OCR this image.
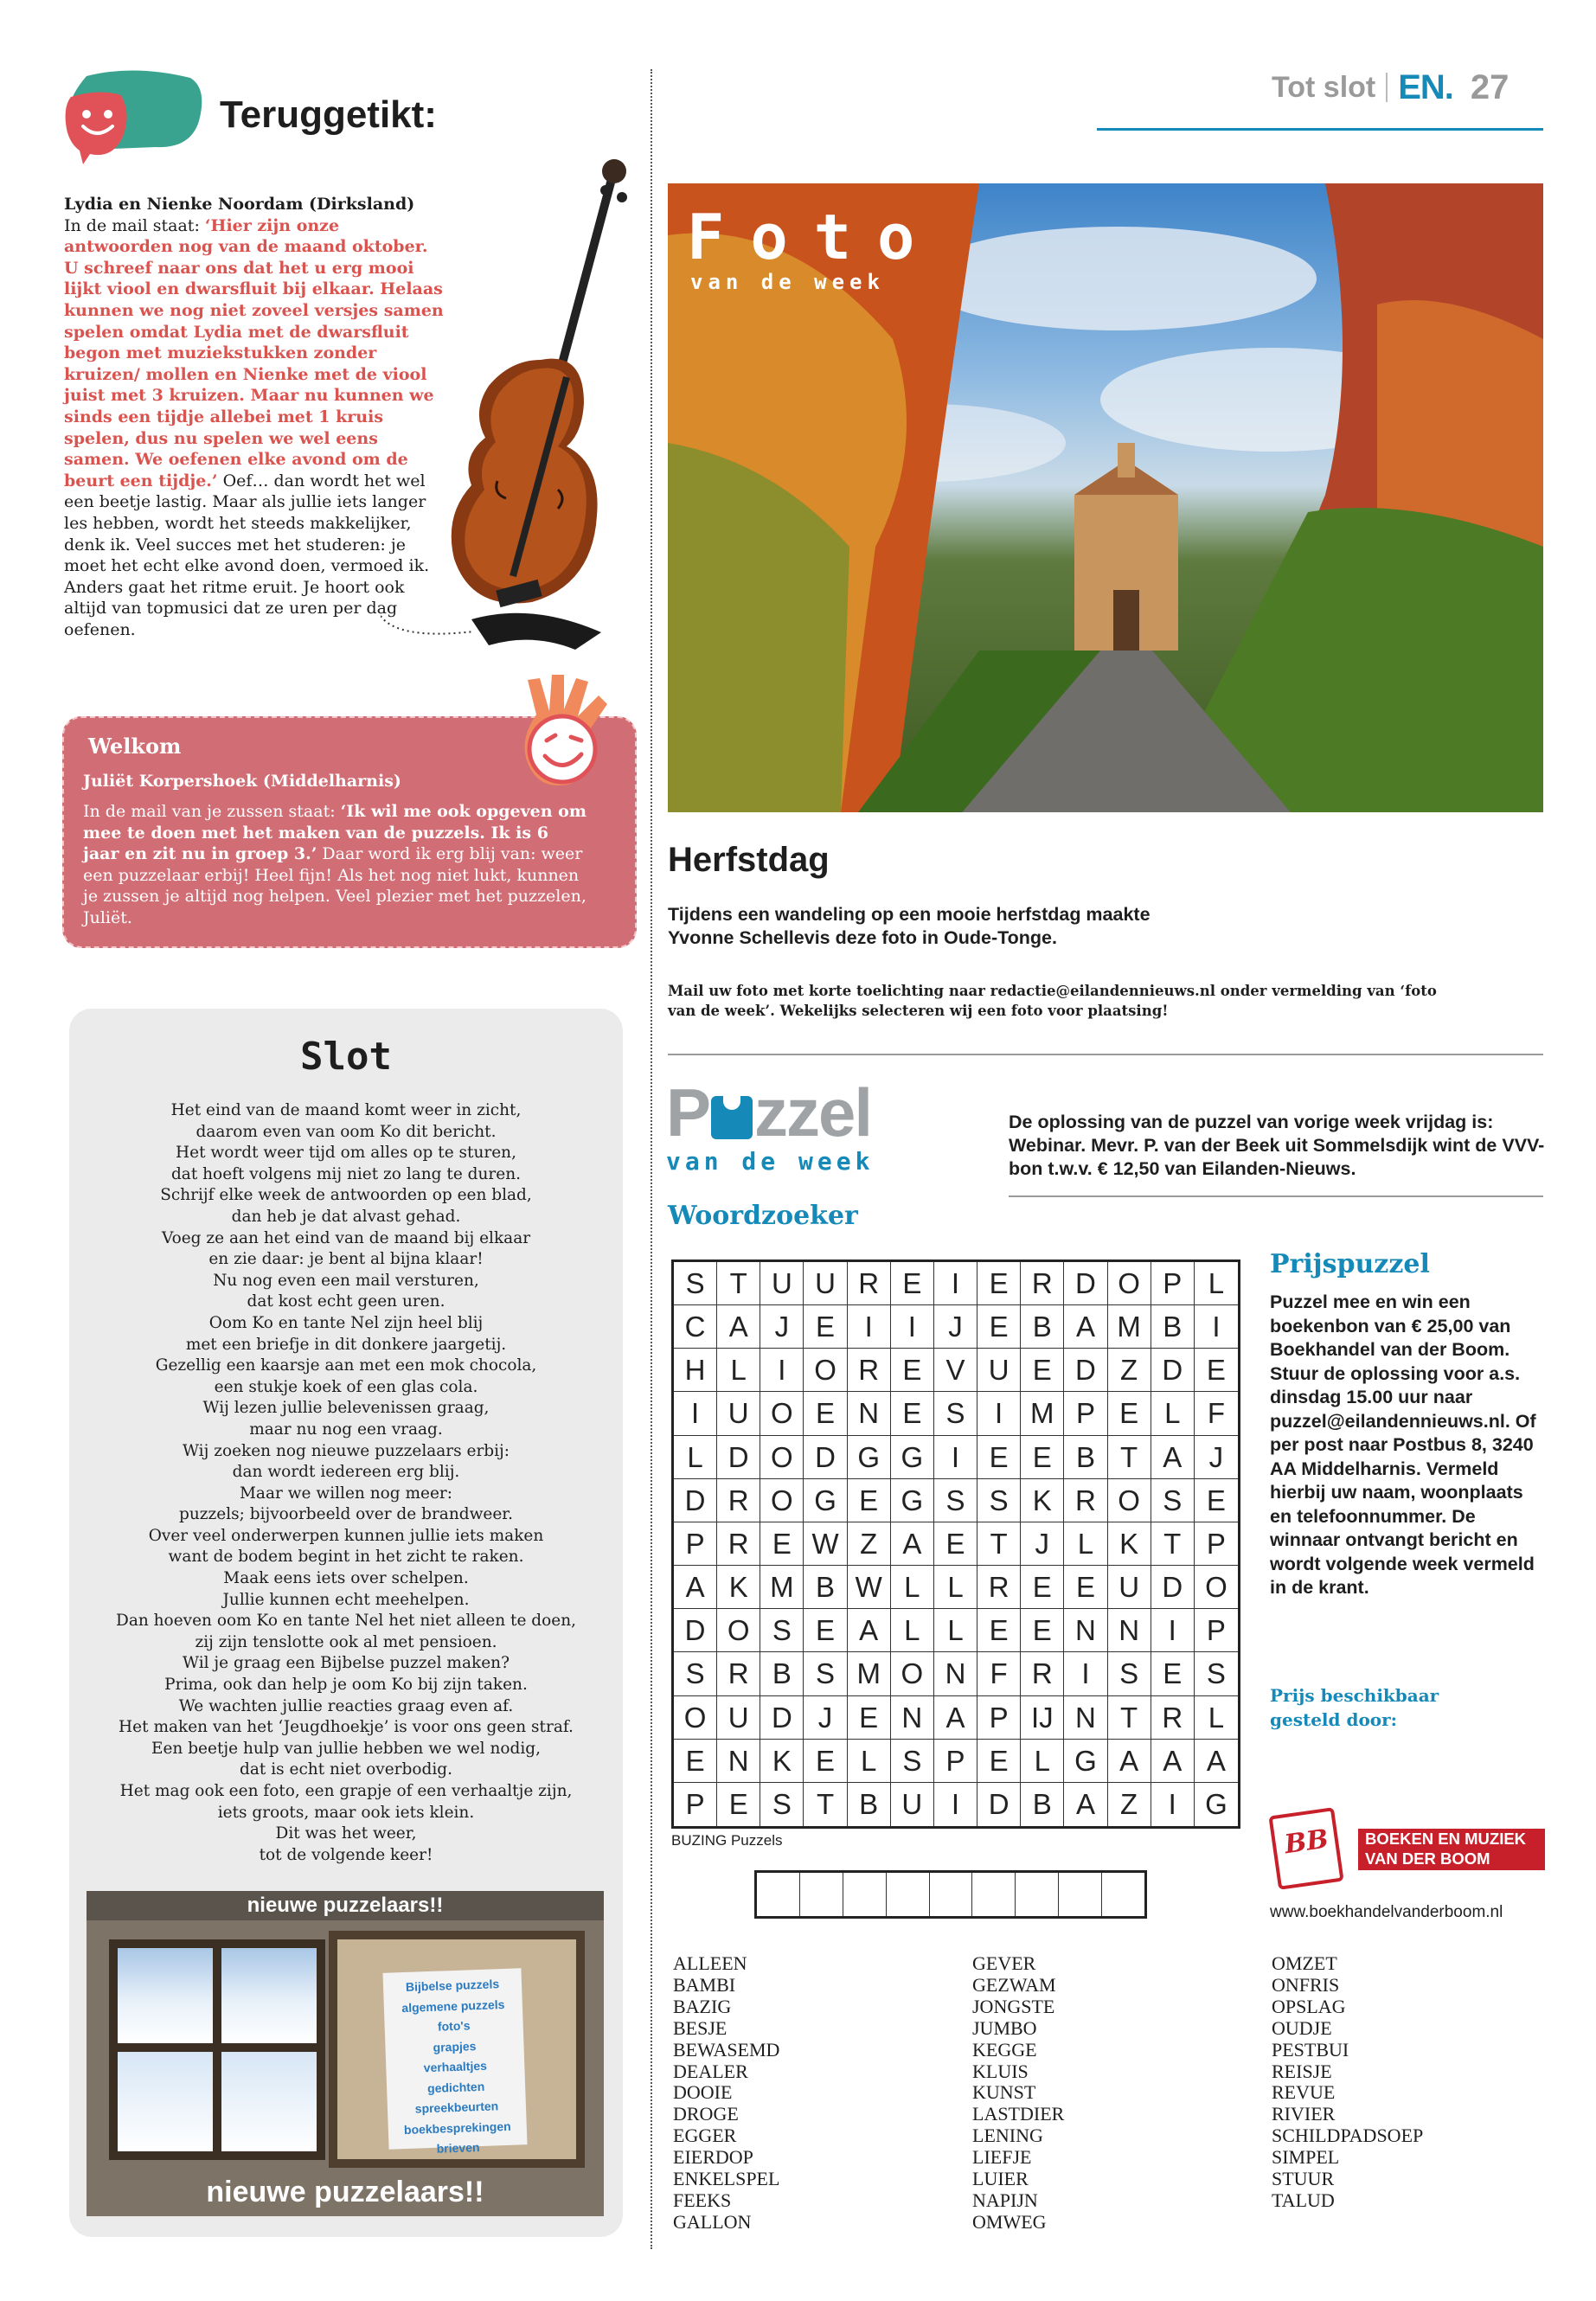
Tot slot EN. 27
Teruggetikt:
Lydia en Nienke Noordam (Dirksland)
In de mail staat: ‘Hier zijn onze antwoorden nog van de maand oktober. U schreef naar ons dat het u erg mooi lijkt viool en dwarsfluit bij elkaar. Helaas kunnen we nog niet zoveel versjes samen spelen omdat Lydia met de dwarsfluit begon met muziekstukken zonder kruizen/ mollen en Nienke met de viool juist met 3 kruizen. Maar nu kunnen we sinds een tijdje allebei met 1 kruis spelen, dus nu spelen we wel eens samen. We oefenen elke avond om de beurt een tijdje.’ Oef… dan wordt het wel een beetje lastig. Maar als jullie iets langer les hebben, wordt het steeds makkelijker, denk ik. Veel succes met het studeren: je moet het echt elke avond doen, vermoed ik. Anders gaat het ritme eruit. Je hoort ook altijd van topmusici dat ze uren per dag oefenen.
Welkom
Juliët Korpershoek (Middelharnis)
In de mail van je zussen staat: ‘Ik wil me ook opgeven om mee te doen met het maken van de puzzels. Ik is 6 jaar en zit nu in groep 3.’ Daar word ik erg blij van: weer een puzzelaar erbij! Heel fijn! Als het nog niet lukt, kunnen je zussen je altijd nog helpen. Veel plezier met het puzzelen, Juliët.
Slot
Het eind van de maand komt weer in zicht,
daarom even van oom Ko dit bericht.
Het wordt weer tijd om alles op te sturen,
dat hoeft volgens mij niet zo lang te duren.
Schrijf elke week de antwoorden op een blad,
dan heb je dat alvast gehad.
Voeg ze aan het eind van de maand bij elkaar
en zie daar: je bent al bijna klaar!
Nu nog even een mail versturen,
dat kost echt geen uren.
Oom Ko en tante Nel zijn heel blij
met een briefje in dit donkere jaargetij.
Gezellig een kaarsje aan met een mok chocola,
een stukje koek of een glas cola.
Wij lezen jullie belevenissen graag,
maar nu nog een vraag.
Wij zoeken nog nieuwe puzzelaars erbij:
dan wordt iedereen erg blij.
Maar we willen nog meer:
puzzels; bijvoorbeeld over de brandweer.
Over veel onderwerpen kunnen jullie iets maken
want de bodem begint in het zicht te raken.
Maak eens iets over schelpen.
Jullie kunnen echt meehelpen.
Dan hoeven oom Ko en tante Nel het niet alleen te doen,
zij zijn tenslotte ook al met pensioen.
Wil je graag een Bijbelse puzzel maken?
Prima, ook dan help je oom Ko bij zijn taken.
We wachten jullie reacties graag even af.
Het maken van het ‘Jeugdhoekje’ is voor ons geen straf.
Een beetje hulp van jullie hebben we wel nodig,
dat is echt niet overbodig.
Het mag ook een foto, een grapje of een verhaaltje zijn,
iets groots, maar ook iets klein.
Dit was het weer,
tot de volgende keer!
nieuwe puzzelaars!!
Bijbelse puzzels
algemene puzzels
foto's
grapjes
verhaaltjes
gedichten
spreekbeurten
boekbesprekingen
brieven
nieuwe puzzelaars!!
Foto
van de week
Herfstdag
Tijdens een wandeling op een mooie herfstdag maakte Yvonne Schellevis deze foto in Oude-Tonge.
Mail uw foto met korte toelichting naar redactie@eilandennieuws.nl onder vermelding van ‘foto van de week’. Wekelijks selecteren wij een foto voor plaatsing!
P zzel
van de week
De oplossing van de puzzel van vorige week vrijdag is: Webinar. Mevr. P. van der Beek uit Sommelsdijk wint de VVV-bon t.w.v. € 12,50 van Eilanden-Nieuws.
Woordzoeker
S T U U R E	I	E R D O P L
C A J E	I	I	J E B A M B	I
H L	I O R E V U E D Z D E
I	U O E N E S	I M P E L F
L D O D G G I	E E B T A J
D R O G E G S S K R O S E
P R E W Z A E T J L K T P
A K M B W L L R E E U D O
D O S E A L L E E N N	I	P
S R B S M O N F R	I	S E S
O U D J E N A P IJ N T R L
E N K E L S P E L G A A A
P E S T B U	I	D B A Z	I	G
BUZING Puzzels
ALLEEN
BAMBI
BAZIG
BESJE
BEWASEMD
DEALER
DOOIE
DROGE
EGGER
EIERDOP
ENKELSPEL
FEEKS
GALLON
GEVER
GEZWAM
JONGSTE
JUMBO
KEGGE
KLUIS
KUNST
LASTDIER
LENING
LIEFJE
LUIER
NAPIJN
OMWEG
OMZET
ONFRIS
OPSLAG
OUDJE
PESTBUI
REISJE
REVUE
RIVIER
SCHILDPADSOEP
SIMPEL
STUUR
TALUD
Prijspuzzel
Puzzel mee en win een boekenbon van € 25,00 van Boekhandel van der Boom. Stuur de oplossing voor a.s. dinsdag 15.00 uur naar puzzel@eilandennieuws.nl. Of per post naar Postbus 8, 3240 AA Middelharnis. Vermeld hierbij uw naam, woonplaats en telefoonnummer. De winnaar ontvangt bericht en wordt volgende week vermeld in de krant.
Prijs beschikbaar gesteld door:
BB BOEKEN EN MUZIEK
VAN DER BOOM
www.boekhandelvanderboom.nl
